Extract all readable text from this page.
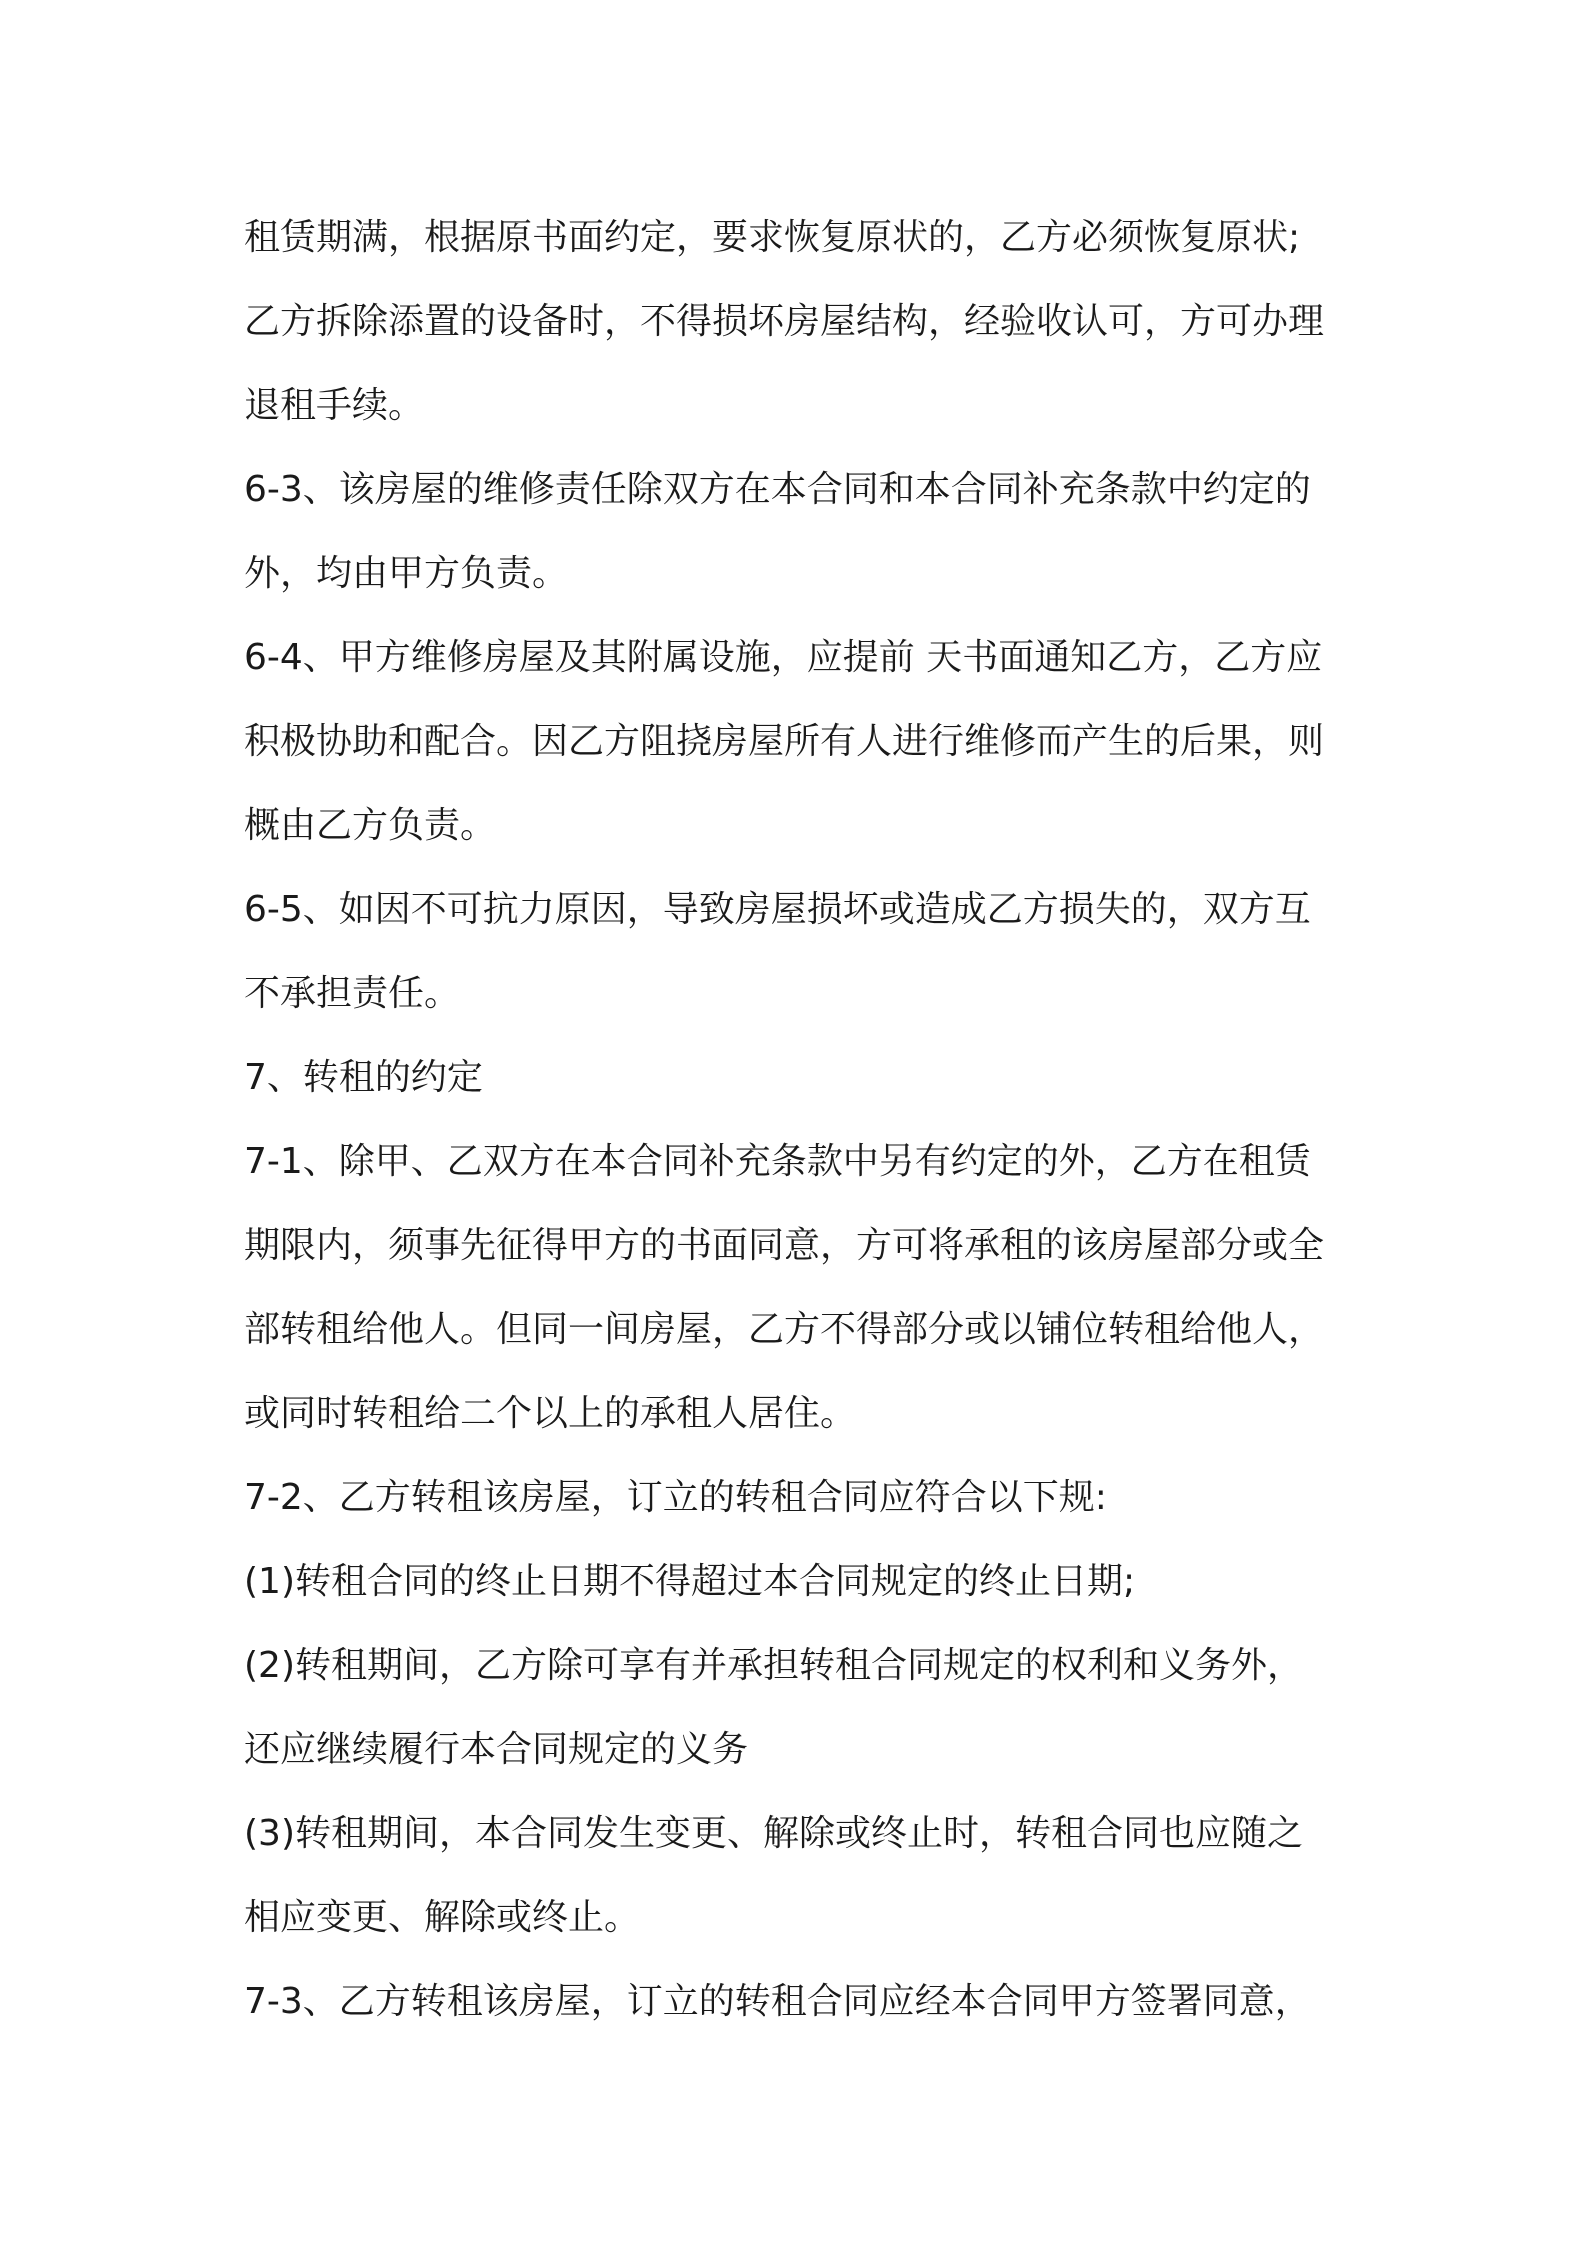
租赁期满，根据原书面约定，要求恢复原状的，乙方必须恢复原状;
乙方拆除添置的设备时，不得损坏房屋结构，经验收认可，方可办理
退租手续。
6-3、该房屋的维修责任除双方在本合同和本合同补充条款中约定的
外，均由甲方负责。
6-4、甲方维修房屋及其附属设施，应提前 天书面通知乙方，乙方应
积极协助和配合。因乙方阻挠房屋所有人进行维修而产生的后果，则
概由乙方负责。
6-5、如因不可抗力原因，导致房屋损坏或造成乙方损失的，双方互
不承担责任。
7、转租的约定
7-1、除甲、乙双方在本合同补充条款中另有约定的外，乙方在租赁
期限内，须事先征得甲方的书面同意，方可将承租的该房屋部分或全
部转租给他人。但同一间房屋，乙方不得部分或以铺位转租给他人，
或同时转租给二个以上的承租人居住。
7-2、乙方转租该房屋，订立的转租合同应符合以下规:
(1)转租合同的终止日期不得超过本合同规定的终止日期;
(2)转租期间，乙方除可享有并承担转租合同规定的权利和义务外，
还应继续履行本合同规定的义务
(3)转租期间，本合同发生变更、解除或终止时，转租合同也应随之
相应变更、解除或终止。
7-3、乙方转租该房屋，订立的转租合同应经本合同甲方签署同意，
